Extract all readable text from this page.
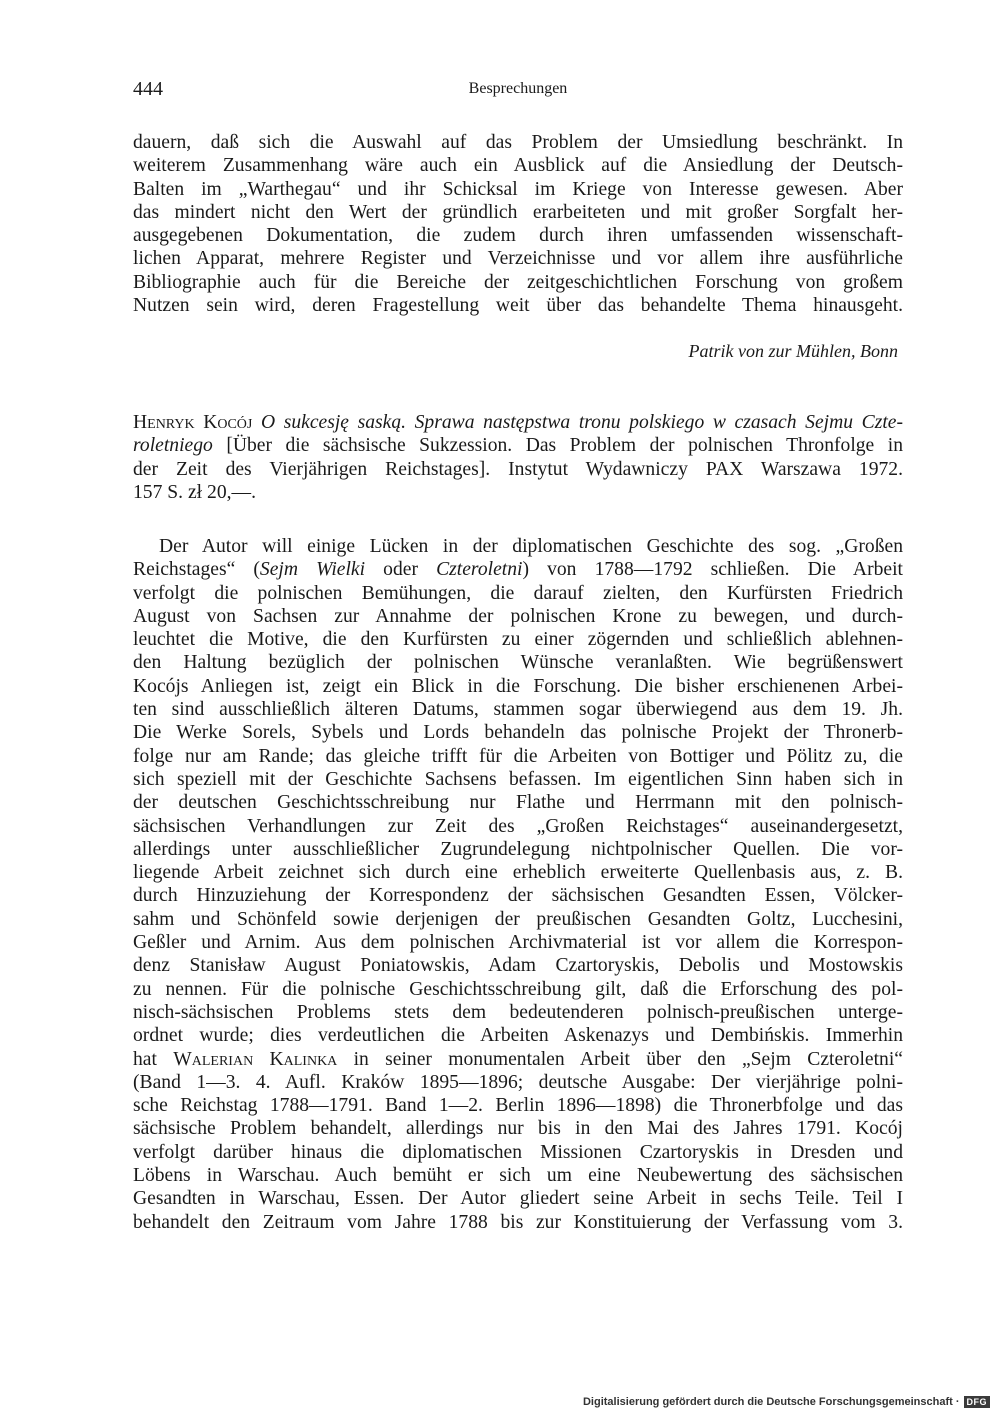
444	Besprechungen
dauern, daß sich die Auswahl auf das Problem der Umsiedlung beschränkt. In
weiterem Zusammenhang wäre auch ein Ausblick auf die Ansiedlung der Deutsch-
Balten im „Warthegau“ und ihr Schicksal im Kriege von Interesse gewesen. Aber
das mindert nicht den Wert der gründlich erarbeiteten und mit großer Sorgfalt her-
ausgegebenen Dokumentation, die zudem durch ihren umfassenden wissenschaft-
lichen Apparat, mehrere Register und Verzeichnisse und vor allem ihre ausführliche
Bibliographie auch für die Bereiche der zeitgeschichtlichen Forschung von großem
Nutzen sein wird, deren Fragestellung weit über das behandelte Thema hinausgeht.
Patrik von zur Mühlen, Bonn
Henryk Kocój O sukcesję saską. Sprawa następstwa tronu polskiego w czasach Sejmu Czte-
roletniego [Über die sächsische Sukzession. Das Problem der polnischen Thronfolge in
der Zeit des Vierjährigen Reichstages]. Instytut Wydawniczy PAX Warszawa 1972.
157 S. zł 20,—.
Der Autor will einige Lücken in der diplomatischen Geschichte des sog. „Großen
Reichstages“ (Sejm Wielki oder Czteroletni) von 1788—1792 schließen. Die Arbeit
verfolgt die polnischen Bemühungen, die darauf zielten, den Kurfürsten Friedrich
August von Sachsen zur Annahme der polnischen Krone zu bewegen, und durch-
leuchtet die Motive, die den Kurfürsten zu einer zögernden und schließlich ablehnen-
den Haltung bezüglich der polnischen Wünsche veranlaßten. Wie begrüßenswert
Kocójs Anliegen ist, zeigt ein Blick in die Forschung. Die bisher erschienenen Arbei-
ten sind ausschließlich älteren Datums, stammen sogar überwiegend aus dem 19. Jh.
Die Werke Sorels, Sybels und Lords behandeln das polnische Projekt der Thronerb-
folge nur am Rande; das gleiche trifft für die Arbeiten von Bottiger und Pölitz zu, die
sich speziell mit der Geschichte Sachsens befassen. Im eigentlichen Sinn haben sich in
der deutschen Geschichtsschreibung nur Flathe und Herrmann mit den polnisch-
sächsischen Verhandlungen zur Zeit des „Großen Reichstages“ auseinandergesetzt,
allerdings unter ausschließlicher Zugrundelegung nichtpolnischer Quellen. Die vor-
liegende Arbeit zeichnet sich durch eine erheblich erweiterte Quellenbasis aus, z. B.
durch Hinzuziehung der Korrespondenz der sächsischen Gesandten Essen, Völcker-
sahm und Schönfeld sowie derjenigen der preußischen Gesandten Goltz, Lucchesini,
Geßler und Arnim. Aus dem polnischen Archivmaterial ist vor allem die Korrespon-
denz Stanisław August Poniatowskis, Adam Czartoryskis, Debolis und Mostowskis
zu nennen. Für die polnische Geschichtsschreibung gilt, daß die Erforschung des pol-
nisch-sächsischen Problems stets dem bedeutenderen polnisch-preußischen unterge-
ordnet wurde; dies verdeutlichen die Arbeiten Askenazys und Dembińskis. Immerhin
hat Walerian Kalinka in seiner monumentalen Arbeit über den „Sejm Czteroletni“
(Band 1—3. 4. Aufl. Kraków 1895—1896; deutsche Ausgabe: Der vierjährige polni-
sche Reichstag 1788—1791. Band 1—2. Berlin 1896—1898) die Thronerbfolge und das
sächsische Problem behandelt, allerdings nur bis in den Mai des Jahres 1791. Kocój
verfolgt darüber hinaus die diplomatischen Missionen Czartoryskis in Dresden und
Löbens in Warschau. Auch bemüht er sich um eine Neubewertung des sächsischen
Gesandten in Warschau, Essen. Der Autor gliedert seine Arbeit in sechs Teile. Teil I
behandelt den Zeitraum vom Jahre 1788 bis zur Konstituierung der Verfassung vom 3.
Digitalisierung gefördert durch die Deutsche Forschungsgemeinschaft · DFG
